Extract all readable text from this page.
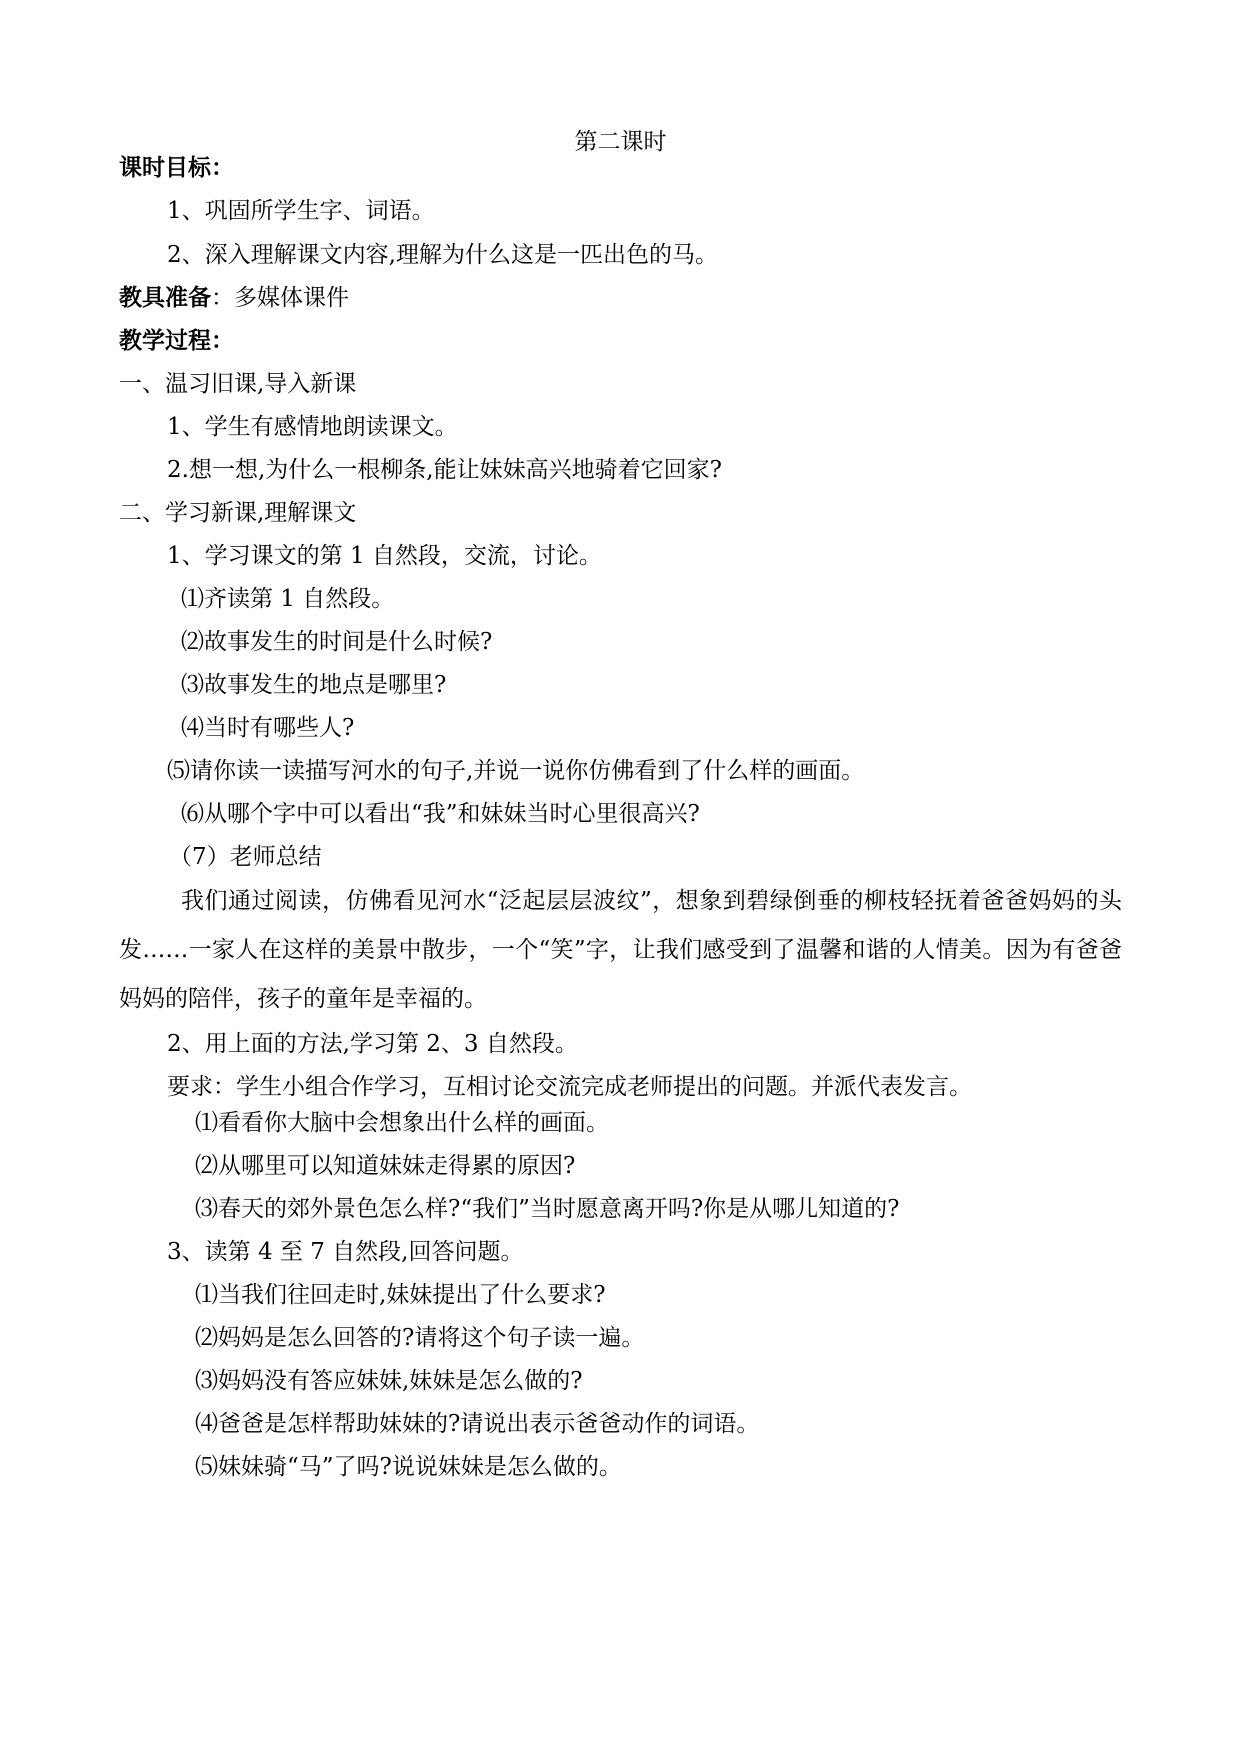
第二课时
课时目标：
1、巩固所学生字、词语。
2、深入理解课文内容,理解为什么这是一匹出色的马。
教具准备：多媒体课件
教学过程：
一、温习旧课,导入新课
1、学生有感情地朗读课文。
2.想一想,为什么一根柳条,能让妹妹高兴地骑着它回家?
二、学习新课,理解课文
1、学习课文的第 1 自然段，交流，讨论。
⑴齐读第 1 自然段。
⑵故事发生的时间是什么时候?
⑶故事发生的地点是哪里?
⑷当时有哪些人?
⑸请你读一读描写河水的句子,并说一说你仿佛看到了什么样的画面。
⑹从哪个字中可以看出“我”和妹妹当时心里很高兴?
（7）老师总结
我们通过阅读，仿佛看见河水“泛起层层波纹”，想象到碧绿倒垂的柳枝轻抚着爸爸妈妈的头发……一家人在这样的美景中散步，一个“笑”字，让我们感受到了温馨和谐的人情美。因为有爸爸妈妈的陪伴，孩子的童年是幸福的。
2、用上面的方法,学习第 2、3 自然段。
要求：学生小组合作学习，互相讨论交流完成老师提出的问题。并派代表发言。
⑴看看你大脑中会想象出什么样的画面。
⑵从哪里可以知道妹妹走得累的原因?
⑶春天的郊外景色怎么样?“我们”当时愿意离开吗?你是从哪儿知道的?
3、读第 4 至 7 自然段,回答问题。
⑴当我们往回走时,妹妹提出了什么要求?
⑵妈妈是怎么回答的?请将这个句子读一遍。
⑶妈妈没有答应妹妹,妹妹是怎么做的?
⑷爸爸是怎样帮助妹妹的?请说出表示爸爸动作的词语。
⑸妹妹骑“马”了吗?说说妹妹是怎么做的。
